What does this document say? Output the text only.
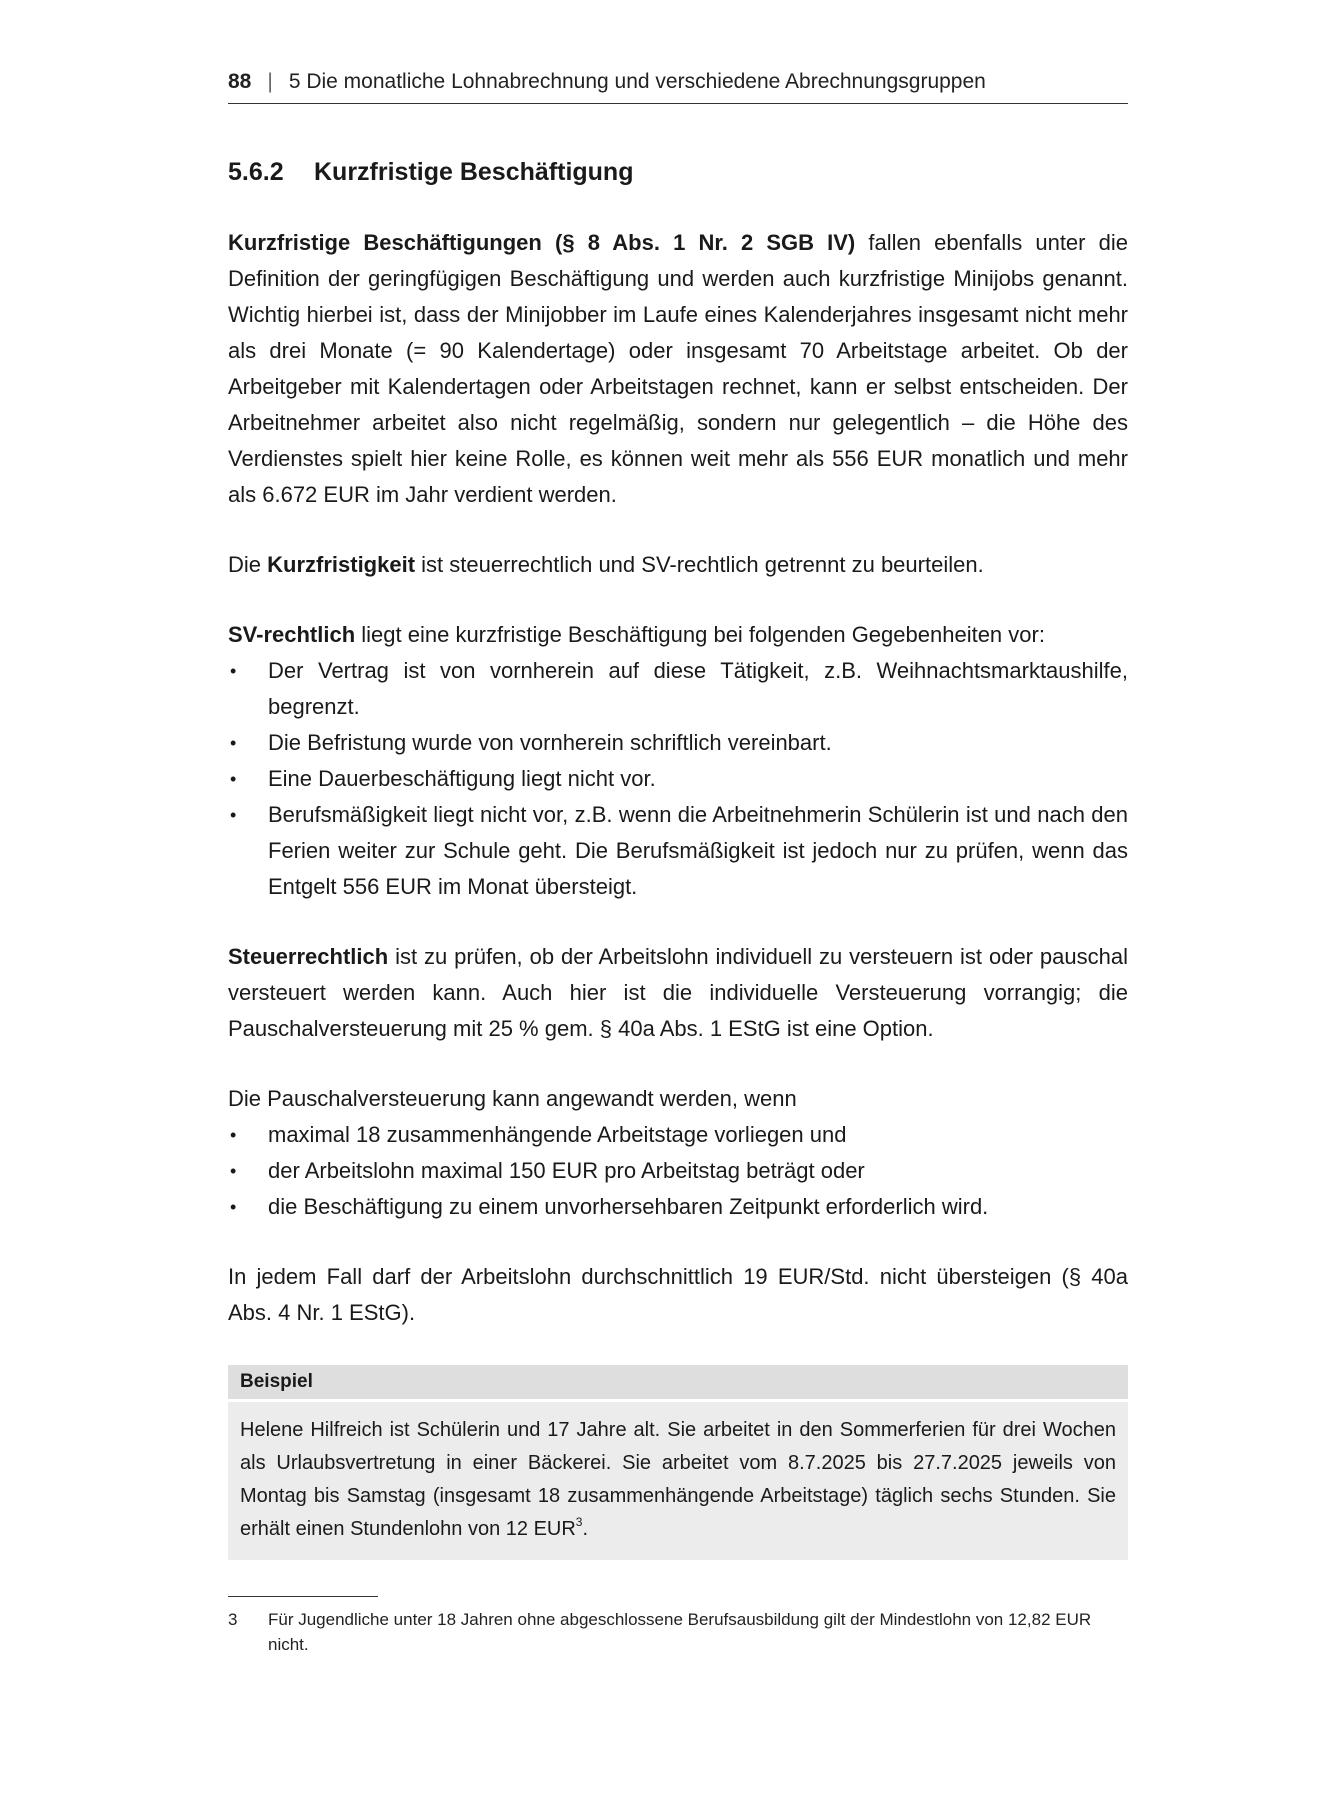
88 | 5 Die monatliche Lohnabrechnung und verschiedene Abrechnungsgruppen
5.6.2 Kurzfristige Beschäftigung

Kurzfristige Beschäftigungen (§ 8 Abs. 1 Nr. 2 SGB IV) fallen ebenfalls unter die Definition der geringfügigen Beschäftigung und werden auch kurzfristige Minijobs genannt. Wichtig hierbei ist, dass der Minijobber im Laufe eines Kalenderjahres insgesamt nicht mehr als drei Monate (= 90 Kalendertage) oder insgesamt 70 Arbeitstage arbeitet. Ob der Arbeitgeber mit Kalendertagen oder Arbeitstagen rechnet, kann er selbst entscheiden. Der Arbeitnehmer arbeitet also nicht regelmäßig, sondern nur gelegentlich – die Höhe des Verdienstes spielt hier keine Rolle, es können weit mehr als 556 EUR monatlich und mehr als 6.672 EUR im Jahr verdient werden.

Die Kurzfristigkeit ist steuerrechtlich und SV-rechtlich getrennt zu beurteilen.

SV-rechtlich liegt eine kurzfristige Beschäftigung bei folgenden Gegebenheiten vor:

• Der Vertrag ist von vornherein auf diese Tätigkeit, z.B. Weihnachtsmarktaushilfe, begrenzt.
• Die Befristung wurde von vornherein schriftlich vereinbart.
• Eine Dauerbeschäftigung liegt nicht vor.
• Berufsmäßigkeit liegt nicht vor, z.B. wenn die Arbeitnehmerin Schülerin ist und nach den Ferien weiter zur Schule geht. Die Berufsmäßigkeit ist jedoch nur zu prüfen, wenn das Entgelt 556 EUR im Monat übersteigt.

Steuerrechtlich ist zu prüfen, ob der Arbeitslohn individuell zu versteuern ist oder pauschal versteuert werden kann. Auch hier ist die individuelle Versteuerung vorrangig; die Pauschalversteuerung mit 25 % gem. § 40a Abs. 1 EStG ist eine Option.

Die Pauschalversteuerung kann angewandt werden, wenn

• maximal 18 zusammenhängende Arbeitstage vorliegen und
• der Arbeitslohn maximal 150 EUR pro Arbeitstag beträgt oder
• die Beschäftigung zu einem unvorhersehbaren Zeitpunkt erforderlich wird.

In jedem Fall darf der Arbeitslohn durchschnittlich 19 EUR/Std. nicht übersteigen (§ 40a Abs. 4 Nr. 1 EStG).

Beispiel
Helene Hilfreich ist Schülerin und 17 Jahre alt. Sie arbeitet in den Sommerferien für drei Wochen als Urlaubsvertretung in einer Bäckerei. Sie arbeitet vom 8.7.2025 bis 27.7.2025 jeweils von Montag bis Samstag (insgesamt 18 zusammenhängende Arbeitstage) täglich sechs Stunden. Sie erhält einen Stundenlohn von 12 EUR$^3$.
3	Für Jugendliche unter 18 Jahren ohne abgeschlossene Berufsausbildung gilt der Mindestlohn von 12,82 EUR nicht.
